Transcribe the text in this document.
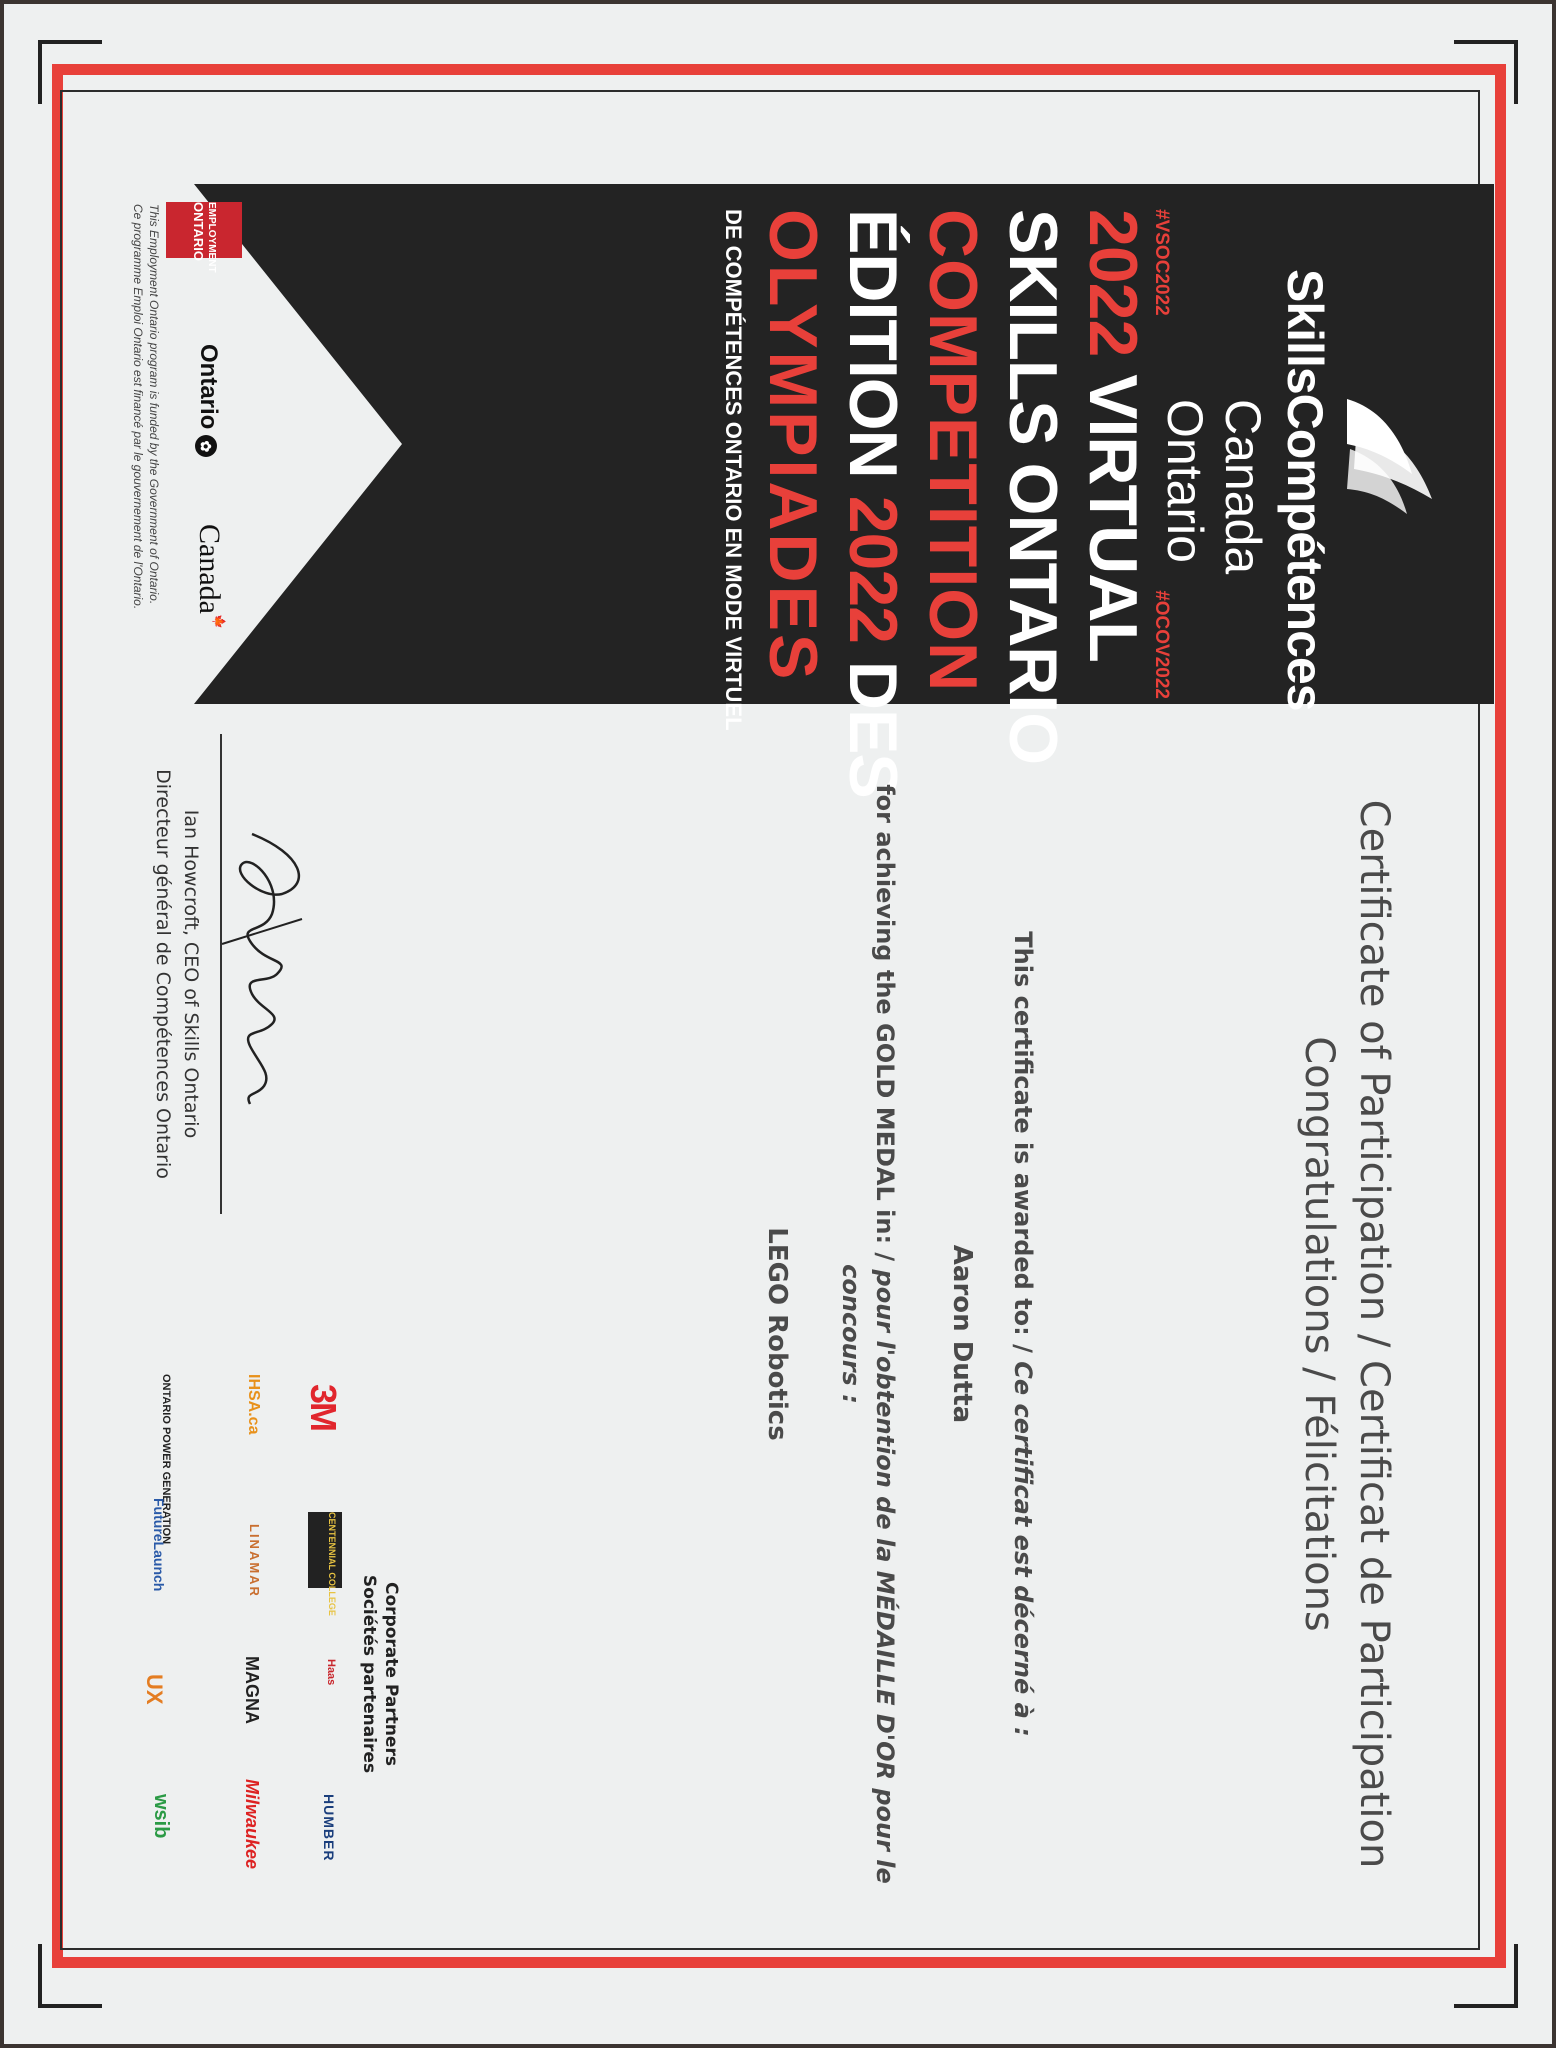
SkillsCompétences
Canada Ontario
#VSOC2022
#OCOV2022
2022 VIRTUAL
SKILLS ONTARIO
COMPETITION
ÉDITION 2022 DES
OLYMPIADES
DE COMPÉTENCES ONTARIO EN MODE VIRTUEL
EMPLOYMENT
ONTARIO
Ontario✿
Canada🍁
This Employment Ontario program is funded by the Government of Ontario.
Ce programme Emploi Ontario est financé par le gouvernement de l'Ontario.
Certificate of Participation / Certificat de Participation
Congratulations / Félicitations
This certificate is awarded to: / Ce certificat est décerné à :
Aaron Dutta
for achieving the GOLD MEDAL in: / pour l'obtention de la MÉDAILLE D'OR pour le concours :
LEGO Robotics
Ian Howcroft, CEO of Skills Ontario
Directeur général de Compétences Ontario
Corporate Partners
Sociétés partenaires
3M
CENTENNIAL COLLEGE
Haas
HUMBER
IHSA.ca
LINAMAR
MAGNA
Milwaukee
ONTARIO POWER GENERATION
FutureLaunch
UX
wsib
